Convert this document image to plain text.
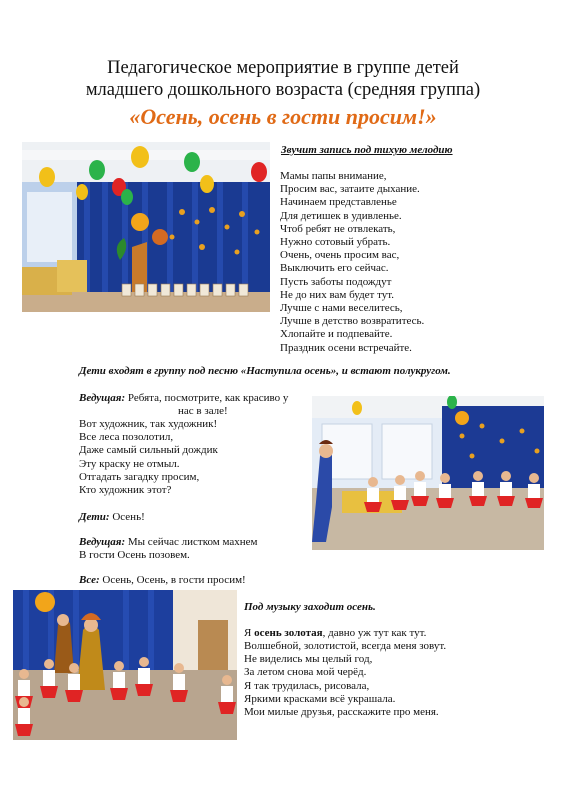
Педагогическое мероприятие в группе детей
младшего дошкольного возраста (средняя группа)
«Осень, осень в гости просим!»
Звучит запись под тихую мелодию
Мамы папы внимание,
Просим вас, затаите дыхание.
Начинаем представленье
Для детишек в удивленье.
Чтоб ребят не отвлекать,
Нужно сотовый убрать.
Очень, очень просим вас,
Выключить его сейчас.
Пусть заботы подождут
Не до них вам будет тут.
Лучше с нами веселитесь,
Лучше в детство возвратитесь.
Хлопайте и подпевайте.
Праздник осени встречайте.
Дети входят в группу под песню «Наступила осень», и встают полукругом.
Ведущая: Ребята, посмотрите, как красиво у
нас в зале!
Вот художник, так художник!
Все леса позолотил,
Даже самый сильный дождик
Эту краску не отмыл.
Отгадать загадку просим,
Кто художник этот?
Дети: Осень!
Ведущая: Мы сейчас листком махнем
В гости Осень позовем.
Все: Осень, Осень, в гости просим!
Под музыку заходит осень.
Я осень золотая, давно уж тут как тут.
Волшебной, золотистой, всегда меня зовут.
Не виделись мы целый год,
За летом снова мой черёд.
Я так трудилась, рисовала,
Яркими красками всё украшала.
Мои милые друзья, расскажите про меня.
